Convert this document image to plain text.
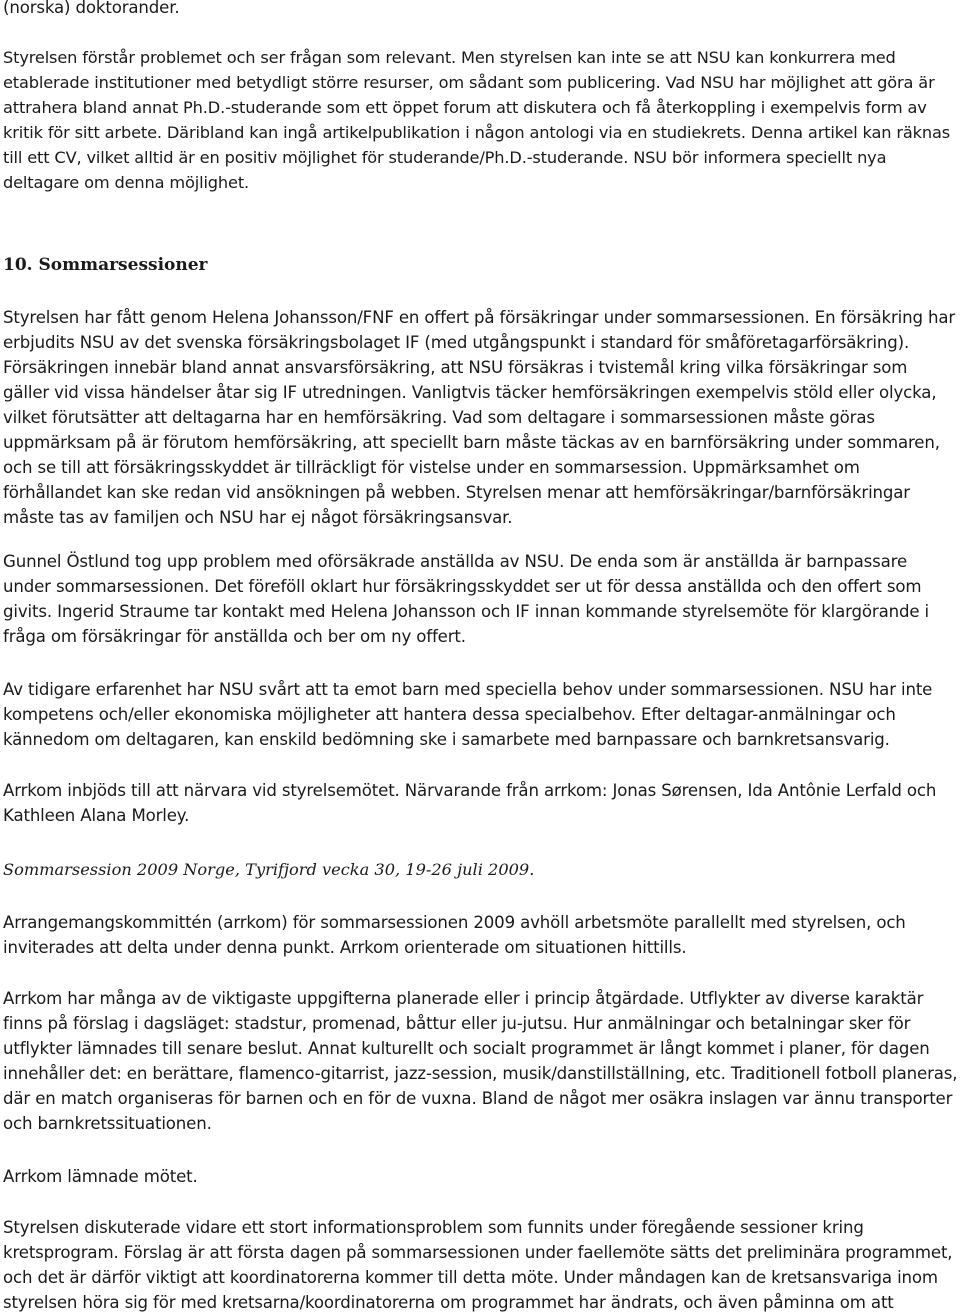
(norska) doktorander.

Styrelsen förstår problemet och ser frågan som relevant. Men styrelsen kan inte se att NSU kan konkurrera med etablerade institutioner med betydligt större resurser, om sådant som publicering. Vad NSU har möjlighet att göra är attrahera bland annat Ph.D.-studerande som ett öppet forum att diskutera och få återkoppling i exempelvis form av kritik för sitt arbete. Däribland kan ingå artikelpublikation i någon antologi via en studiekrets. Denna artikel kan räknas till ett CV, vilket alltid är en positiv möjlighet för studerande/Ph.D.-studerande. NSU bör informera speciellt nya deltagare om denna möjlighet.

10. Sommarsessioner

Styrelsen har fått genom Helena Johansson/FNF en offert på försäkringar under sommarsessionen. En försäkring har erbjudits NSU av det svenska försäkringsbolaget IF (med utgångspunkt i standard för småföretagarförsäkring). Försäkringen innebär bland annat ansvarsförsäkring, att NSU försäkras i tvistemål kring vilka försäkringar som gäller vid vissa händelser åtar sig IF utredningen. Vanligtvis täcker hemförsäkringen exempelvis stöld eller olycka, vilket förutsätter att deltagarna har en hemförsäkring. Vad som deltagare i sommarsessionen måste göras uppmärksam på är förutom hemförsäkring, att speciellt barn måste täckas av en barnförsäkring under sommaren, och se till att försäkringsskyddet är tillräckligt för vistelse under en sommarsession. Uppmärksamhet om förhållandet kan ske redan vid ansökningen på webben. Styrelsen menar att hemförsäkringar/barnförsäkringar måste tas av familjen och NSU har ej något försäkringsansvar.

Gunnel Östlund tog upp problem med oförsäkrade anställda av NSU. De enda som är anställda är barnpassare under sommarsessionen. Det föreföll oklart hur försäkringsskyddet ser ut för dessa anställda och den offert som givits. Ingerid Straume tar kontakt med Helena Johansson och IF innan kommande styrelsemöte för klargörande i fråga om försäkringar för anställda och ber om ny offert.

Av tidigare erfarenhet har NSU svårt att ta emot barn med speciella behov under sommarsessionen. NSU har inte kompetens och/eller ekonomiska möjligheter att hantera dessa specialbehov. Efter deltagar-anmälningar och kännedom om deltagaren, kan enskild bedömning ske i samarbete med barnpassare och barnkretsansvarig.

Arrkom inbjöds till att närvara vid styrelsemötet. Närvarande från arrkom: Jonas Sørensen, Ida Antônie Lerfald och Kathleen Alana Morley.

Sommarsession 2009 Norge, Tyrifjord vecka 30, 19-26 juli 2009.

Arrangemangskommittén (arrkom) för sommarsessionen 2009 avhöll arbetsmöte parallellt med styrelsen, och inviterades att delta under denna punkt. Arrkom orienterade om situationen hittills.

Arrkom har många av de viktigaste uppgifterna planerade eller i princip åtgärdade. Utflykter av diverse karaktär finns på förslag i dagsläget: stadstur, promenad, båttur eller ju-jutsu. Hur anmälningar och betalningar sker för utflykter lämnades till senare beslut. Annat kulturellt och socialt programmet är långt kommet i planer, för dagen innehåller det: en berättare, flamenco-gitarrist, jazz-session, musik/danstillställning, etc. Traditionell fotboll planeras, där en match organiseras för barnen och en för de vuxna. Bland de något mer osäkra inslagen var ännu transporter och barnkretssituationen.

Arrkom lämnade mötet.

Styrelsen diskuterade vidare ett stort informationsproblem som funnits under föregående sessioner kring kretsprogram. Förslag är att första dagen på sommarsessionen under faellemöte sätts det preliminära programmet, och det är därför viktigt att koordinatorerna kommer till detta möte. Under måndagen kan de kretsansvariga inom styrelsen höra sig för med kretsarna/koordinatorerna om programmet har ändrats, och även påminna om att
